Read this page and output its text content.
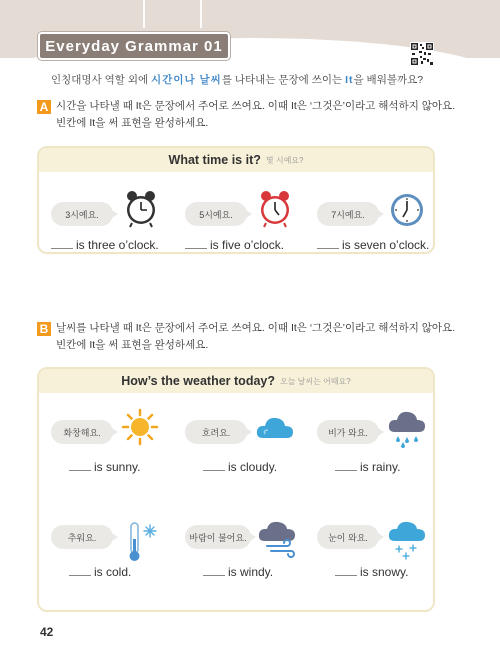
Everyday Grammar 01
인칭대명사 역할 외에 시간이나 날씨를 나타내는 문장에 쓰이는 It을 배워볼까요?
A 시간을 나타낼 때 It은 문장에서 주어로 쓰여요. 이때 It은 ‘그것은’이라고 해석하지 않아요.
빈칸에 It을 써 표현을 완성하세요.
What time is it? 몇 시예요?
3시예요.
is three o’clock.
5시예요.
is five o’clock.
7시예요.
is seven o’clock.
B 날씨를 나타낼 때 It은 문장에서 주어로 쓰여요. 이때 It은 ‘그것은’이라고 해석하지 않아요.
빈칸에 It을 써 표현을 완성하세요.
How’s the weather today? 오늘 날씨는 어때요?
화창해요.
is sunny.
흐려요.
is cloudy.
비가 와요.
is rainy.
추워요.
is cold.
바람이 불어요.
is windy.
눈이 와요.
is snowy.
42
